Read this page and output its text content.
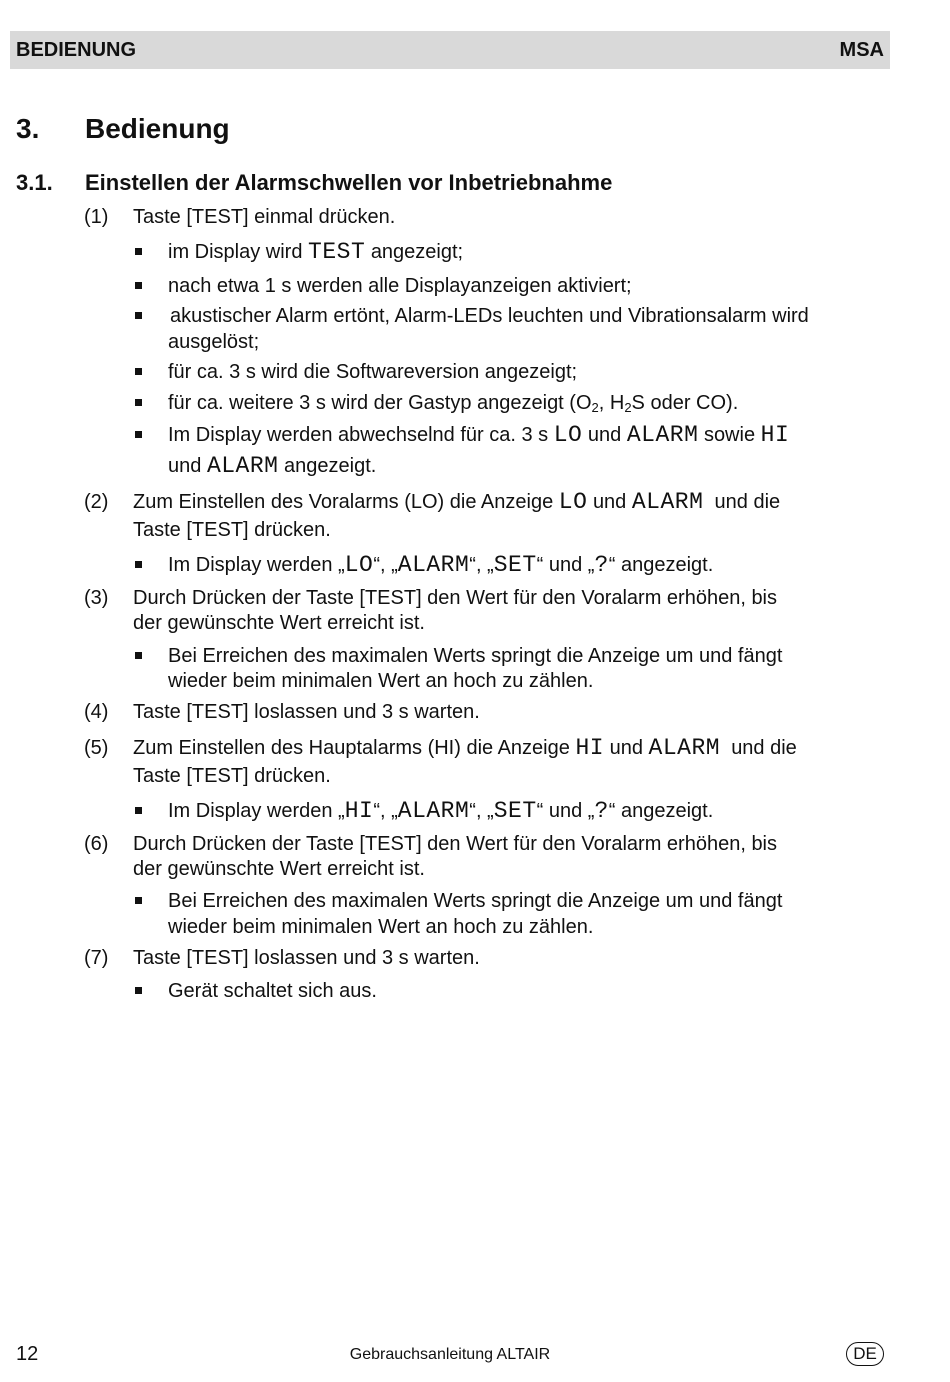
BEDIENUNG	MSA
3. Bedienung
3.1. Einstellen der Alarmschwellen vor Inbetriebnahme
(1) Taste [TEST] einmal drücken.
im Display wird TEST angezeigt;
nach etwa 1 s werden alle Displayanzeigen aktiviert;
akustischer Alarm ertönt, Alarm-LEDs leuchten und Vibrationsalarm wird
ausgelöst;
für ca. 3 s wird die Softwareversion angezeigt;
für ca. weitere 3 s wird der Gastyp angezeigt ($O_2$, $H_2S$ oder CO).
Im Display werden abwechselnd für ca. 3 s LO und ALARM sowie HI
und ALARM angezeigt.
(2) Zum Einstellen des Voralarms (LO) die Anzeige LO und ALARM und die
Taste [TEST] drücken.
Im Display werden „LO“, „ALARM“, „SET“ und „?“ angezeigt.
(3) Durch Drücken der Taste [TEST] den Wert für den Voralarm erhöhen, bis
der gewünschte Wert erreicht ist.
Bei Erreichen des maximalen Werts springt die Anzeige um und fängt
wieder beim minimalen Wert an hoch zu zählen.
(4) Taste [TEST] loslassen und 3 s warten.
(5) Zum Einstellen des Hauptalarms (HI) die Anzeige HI und ALARM und die
Taste [TEST] drücken.
Im Display werden „HI“, „ALARM“, „SET“ und „?“ angezeigt.
(6) Durch Drücken der Taste [TEST] den Wert für den Voralarm erhöhen, bis
der gewünschte Wert erreicht ist.
Bei Erreichen des maximalen Werts springt die Anzeige um und fängt
wieder beim minimalen Wert an hoch zu zählen.
(7) Taste [TEST] loslassen und 3 s warten.
Gerät schaltet sich aus.
12	Gebrauchsanleitung ALTAIR	DE
